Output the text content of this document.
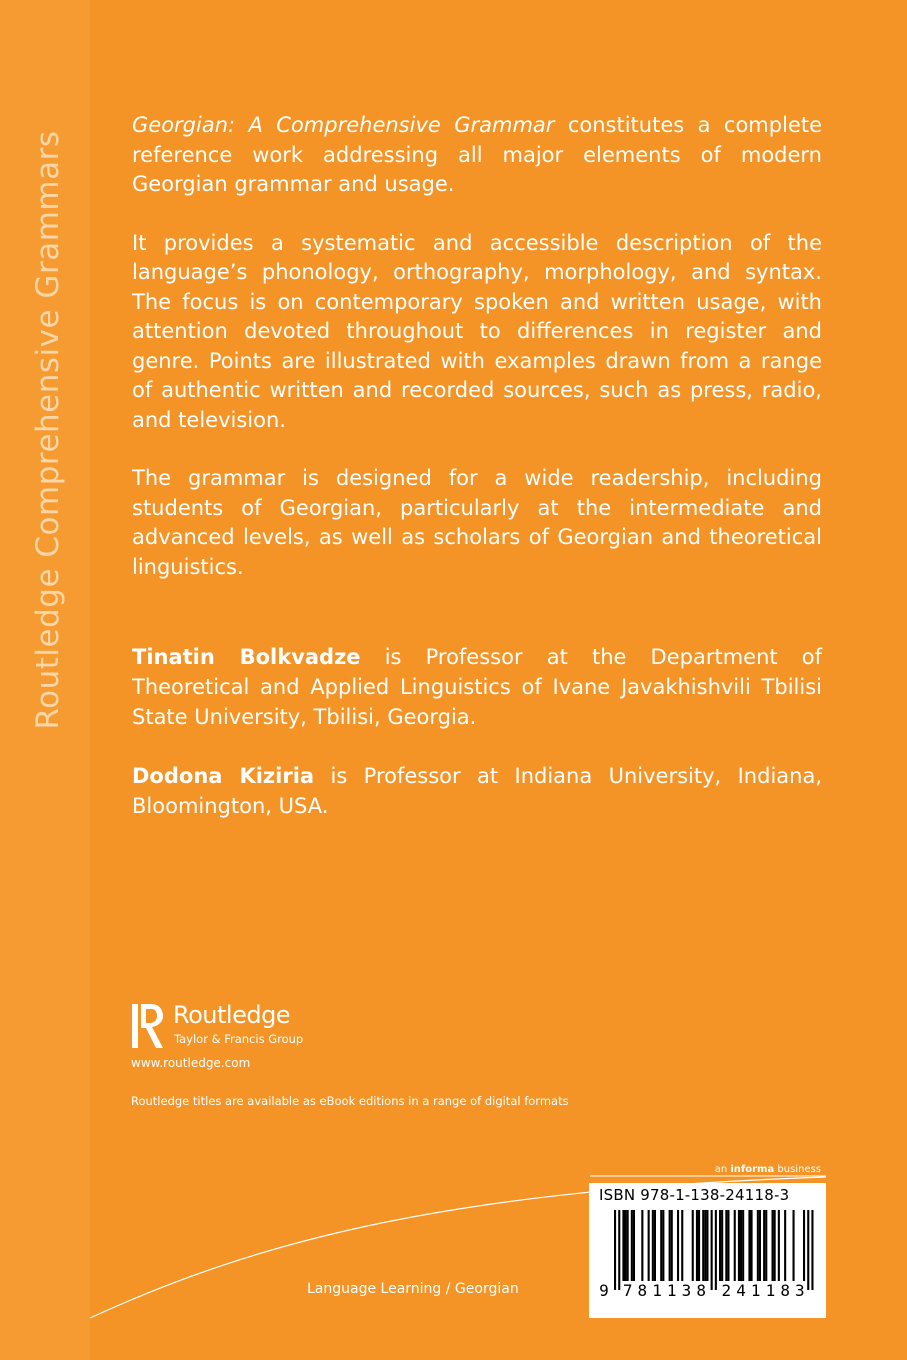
Routledge Comprehensive Grammars

Georgian: A Comprehensive Grammar constitutes a complete reference work addressing all major elements of modern Georgian grammar and usage.

It provides a systematic and accessible description of the language’s phonology, orthography, morphology, and syntax. The focus is on contemporary spoken and written usage, with attention devoted throughout to differences in register and genre. Points are illustrated with examples drawn from a range of authentic written and recorded sources, such as press, radio, and television.

The grammar is designed for a wide readership, including students of Georgian, particularly at the intermediate and advanced levels, as well as scholars of Georgian and theoretical linguistics.

Tinatin Bolkvadze is Professor at the Department of Theoretical and Applied Linguistics of Ivane Javakhishvili Tbilisi State University, Tbilisi, Georgia.

Dodona Kiziria is Professor at Indiana University, Indiana, Bloomington, USA.

Routledge
Taylor & Francis Group
www.routledge.com
Routledge titles are available as eBook editions in a range of digital formats
an informa business
Language Learning / Georgian
ISBN 978-1-138-24118-3
9 7 8 1 1 3 8 2 4 1 1 8 3
